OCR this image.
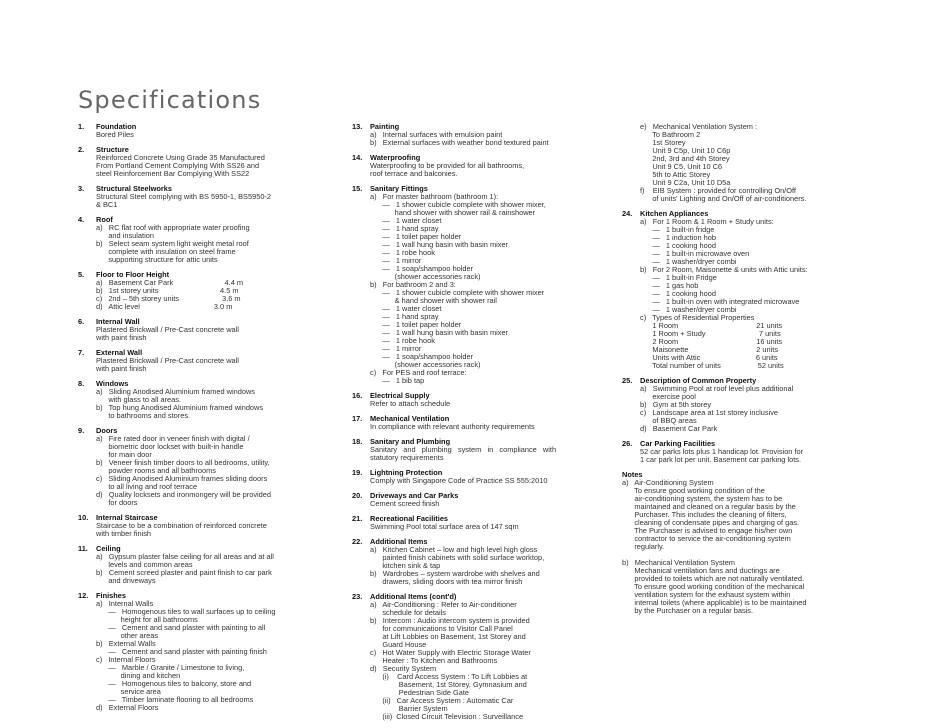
Specifications
1.	Foundation
Bored Piles
2.	Structure
Reinforced Concrete Using Grade 35 Manufactured
From Portland Cement Complying With SS26 and
steel Reinforcement Bar Complying With SS22
3.	Structural Steelworks
Structural Steel complying with BS 5950-1, BS5950-2
& BC1
4.	Roof
a)   RC flat roof with appropriate water proofing
and insulation
b)   Select seam system light weight metal roof
complete with insulation on steel frame
supporting structure for attic units
5.	Floor to Floor Height
a)   Basement Car Park                         4.4 m
b)   1st storey units                              4.5 m
c)   2nd – 5th storey units                     3.6 m
d)   Attic level                                    3.0 m
6.	Internal Wall
Plastered Brickwall / Pre-Cast concrete wall
with paint finish
7.	External Wall
Plastered Brickwall / Pre-Cast concrete wall
with paint finish
8.	Windows
a)   Sliding Anodised Aluminium framed windows
with glass to all areas.
b)   Top hung Anodised Aluminium framed windows
to bathrooms and stores.
9.	Doors
a)   Fire rated door in veneer finish with digital /
biometric door lockset with built-in handle
for main door
b)   Veneer finish timber doors to all bedrooms, utility,
powder rooms and all bathrooms
c)   Sliding Anodised Aluminium frames sliding doors
to all living and roof terrace
d)   Quality locksets and ironmongery will be provided
for doors
10.	Internal Staircase
Staircase to be a combination of reinforced concrete
with timber finish
11.	Ceiling
a)   Gypsum plaster false ceiling for all areas and at all
levels and common areas
b)   Cement screed plaster and paint finish to car park
and driveways
12.	Finishes
a)   Internal Walls
—   Homogenous tiles to wall surfaces up to ceiling
height for all bathrooms
—   Cement and sand plaster with painting to all
other areas
b)   External Walls
—   Cement and sand plaster with painting finish
c)   Internal Floors
—   Marble / Granite / Limestone to living,
dining and kitchen
—   Homogenous tiles to balcony, store and
service area
—   Timber laminate flooring to all bedrooms
d)   External Floors
13.	Painting
a)   Internal surfaces with emulsion paint
b)   External surfaces with weather bond textured paint
14.	Waterproofing
Waterproofing to be provided for all bathrooms,
roof terrace and balconies.
15.	Sanitary Fittings
a)   For master bathroom (bathroom 1):
—   1 shower cubicle complete with shower mixer,
hand shower with shower rail & rainshower
—   1 water closet
—   1 hand spray
—   1 toilet paper holder
—   1 wall hung basin with basin mixer
—   1 robe hook
—   1 mirror
—   1 soap/shampoo holder
(shower accessories rack)
b)   For bathroom 2 and 3:
—   1 shower cubicle complete with shower mixer
& hand shower with shower rail
—   1 water closet
—   1 hand spray
—   1 toilet paper holder
—   1 wall hung basin with basin mixer
—   1 robe hook
—   1 mirror
—   1 soap/shampoo holder
(shower accessories rack)
c)   For PES and roof terrace:
—   1 bib tap
16.	Electrical Supply
Refer to attach schedule
17.	Mechanical Ventilation
In compliance with relevant authority requirements
18.	Sanitary and Plumbing
Sanitary   and   plumbing   system   in   compliance   with
statutory requirements
19.	Lightning Protection
Comply with Singapore Code of Practice SS 555:2010
20.	Driveways and Car Parks
Cement screed finish
21.	Recreational Facilities
Swimming Pool total surface area of 147 sqm
22.	Additional Items
a)   Kitchen Cabinet – low and high level high gloss
painted finish cabinets with solid surface worktop,
kitchen sink & tap
b)   Wardrobes – system wardrobe with shelves and
drawers, sliding doors with tea mirror finish
23.	Additional Items (cont'd)
a)   Air-Conditioning : Refer to Air-conditioner
schedule for details
b)   Intercom : Audio intercom system is provided
for communications to Visitor Call Panel
at Lift Lobbies on Basement, 1st Storey and
Guard House
c)   Hot Water Supply with Electric Storage Water
Heater : To Kitchen and Bathrooms
d)   Security System
(i)    Card Access System : To Lift Lobbies at
Basement, 1st Storey, Gymnasium and
Pedestrian Side Gate
(ii)   Car Access System : Automatic Car
Barrier System
(iii)  Closed Circuit Television : Surveillance
e)   Mechanical Ventilation System :
To Bathroom 2
1st Storey
Unit 9 C5p, Unit 10 C6p
2nd, 3rd and 4th Storey
Unit 9 C5, Unit 10 C6
5th to Attic Storey
Unit 9 C2a, Unit 10 D5a
f)    EIB System : provided for controlling On/Off
of units' Lighting and On/Off of air-conditioners.
24.	Kitchen Appliances
a)   For 1 Room & 1 Room + Study units:
—   1 built-in fridge
—   1 induction hob
—   1 cooking hood
—   1 built-in microwave oven
—   1 washer/dryer combi
b)   For 2 Room, Maisonette & units with Attic units:
—   1 built-in Fridge
—   1 gas hob
—   1 cooking hood
—   1 built-in oven with integrated microwave
—   1 washer/dryer combi
c)   Types of Residential Properties
1 Room                                      21 units
1 Room + Study                          7 units
2 Room                                      16 units
Maisonette                                 2 units
Units with Attic                           6 units
Total number of units                  52 units
25.	Description of Common Property
a)   Swimming Pool at roof level plus additional
exercise pool
b)   Gym at 5th storey
c)   Landscape area at 1st storey inclusive
of BBQ areas
d)   Basement Car Park
26.	Car Parking Facilities
52 car parks lots plus 1 handicap lot. Provision for
1 car park lot per unit. Basement car parking lots.
Notes
a)   Air-Conditioning System
To ensure good working condition of the
air-conditioning system, the system has to be
maintained and cleaned on a regular basis by the
Purchaser. This includes the cleaning of filters,
cleaning of condensate pipes and charging of gas.
The Purchaser is advised to engage his/her own
contractor to service the air-conditioning system
regularly.
b)   Mechanical Ventilation System
Mechanical ventilation fans and ductings are
provided to toilets which are not naturally ventilated.
To ensure good working condition of the mechanical
ventilation system for the exhaust system within
internal toilets (where applicable) is to be maintained
by the Purchaser on a regular basis.
